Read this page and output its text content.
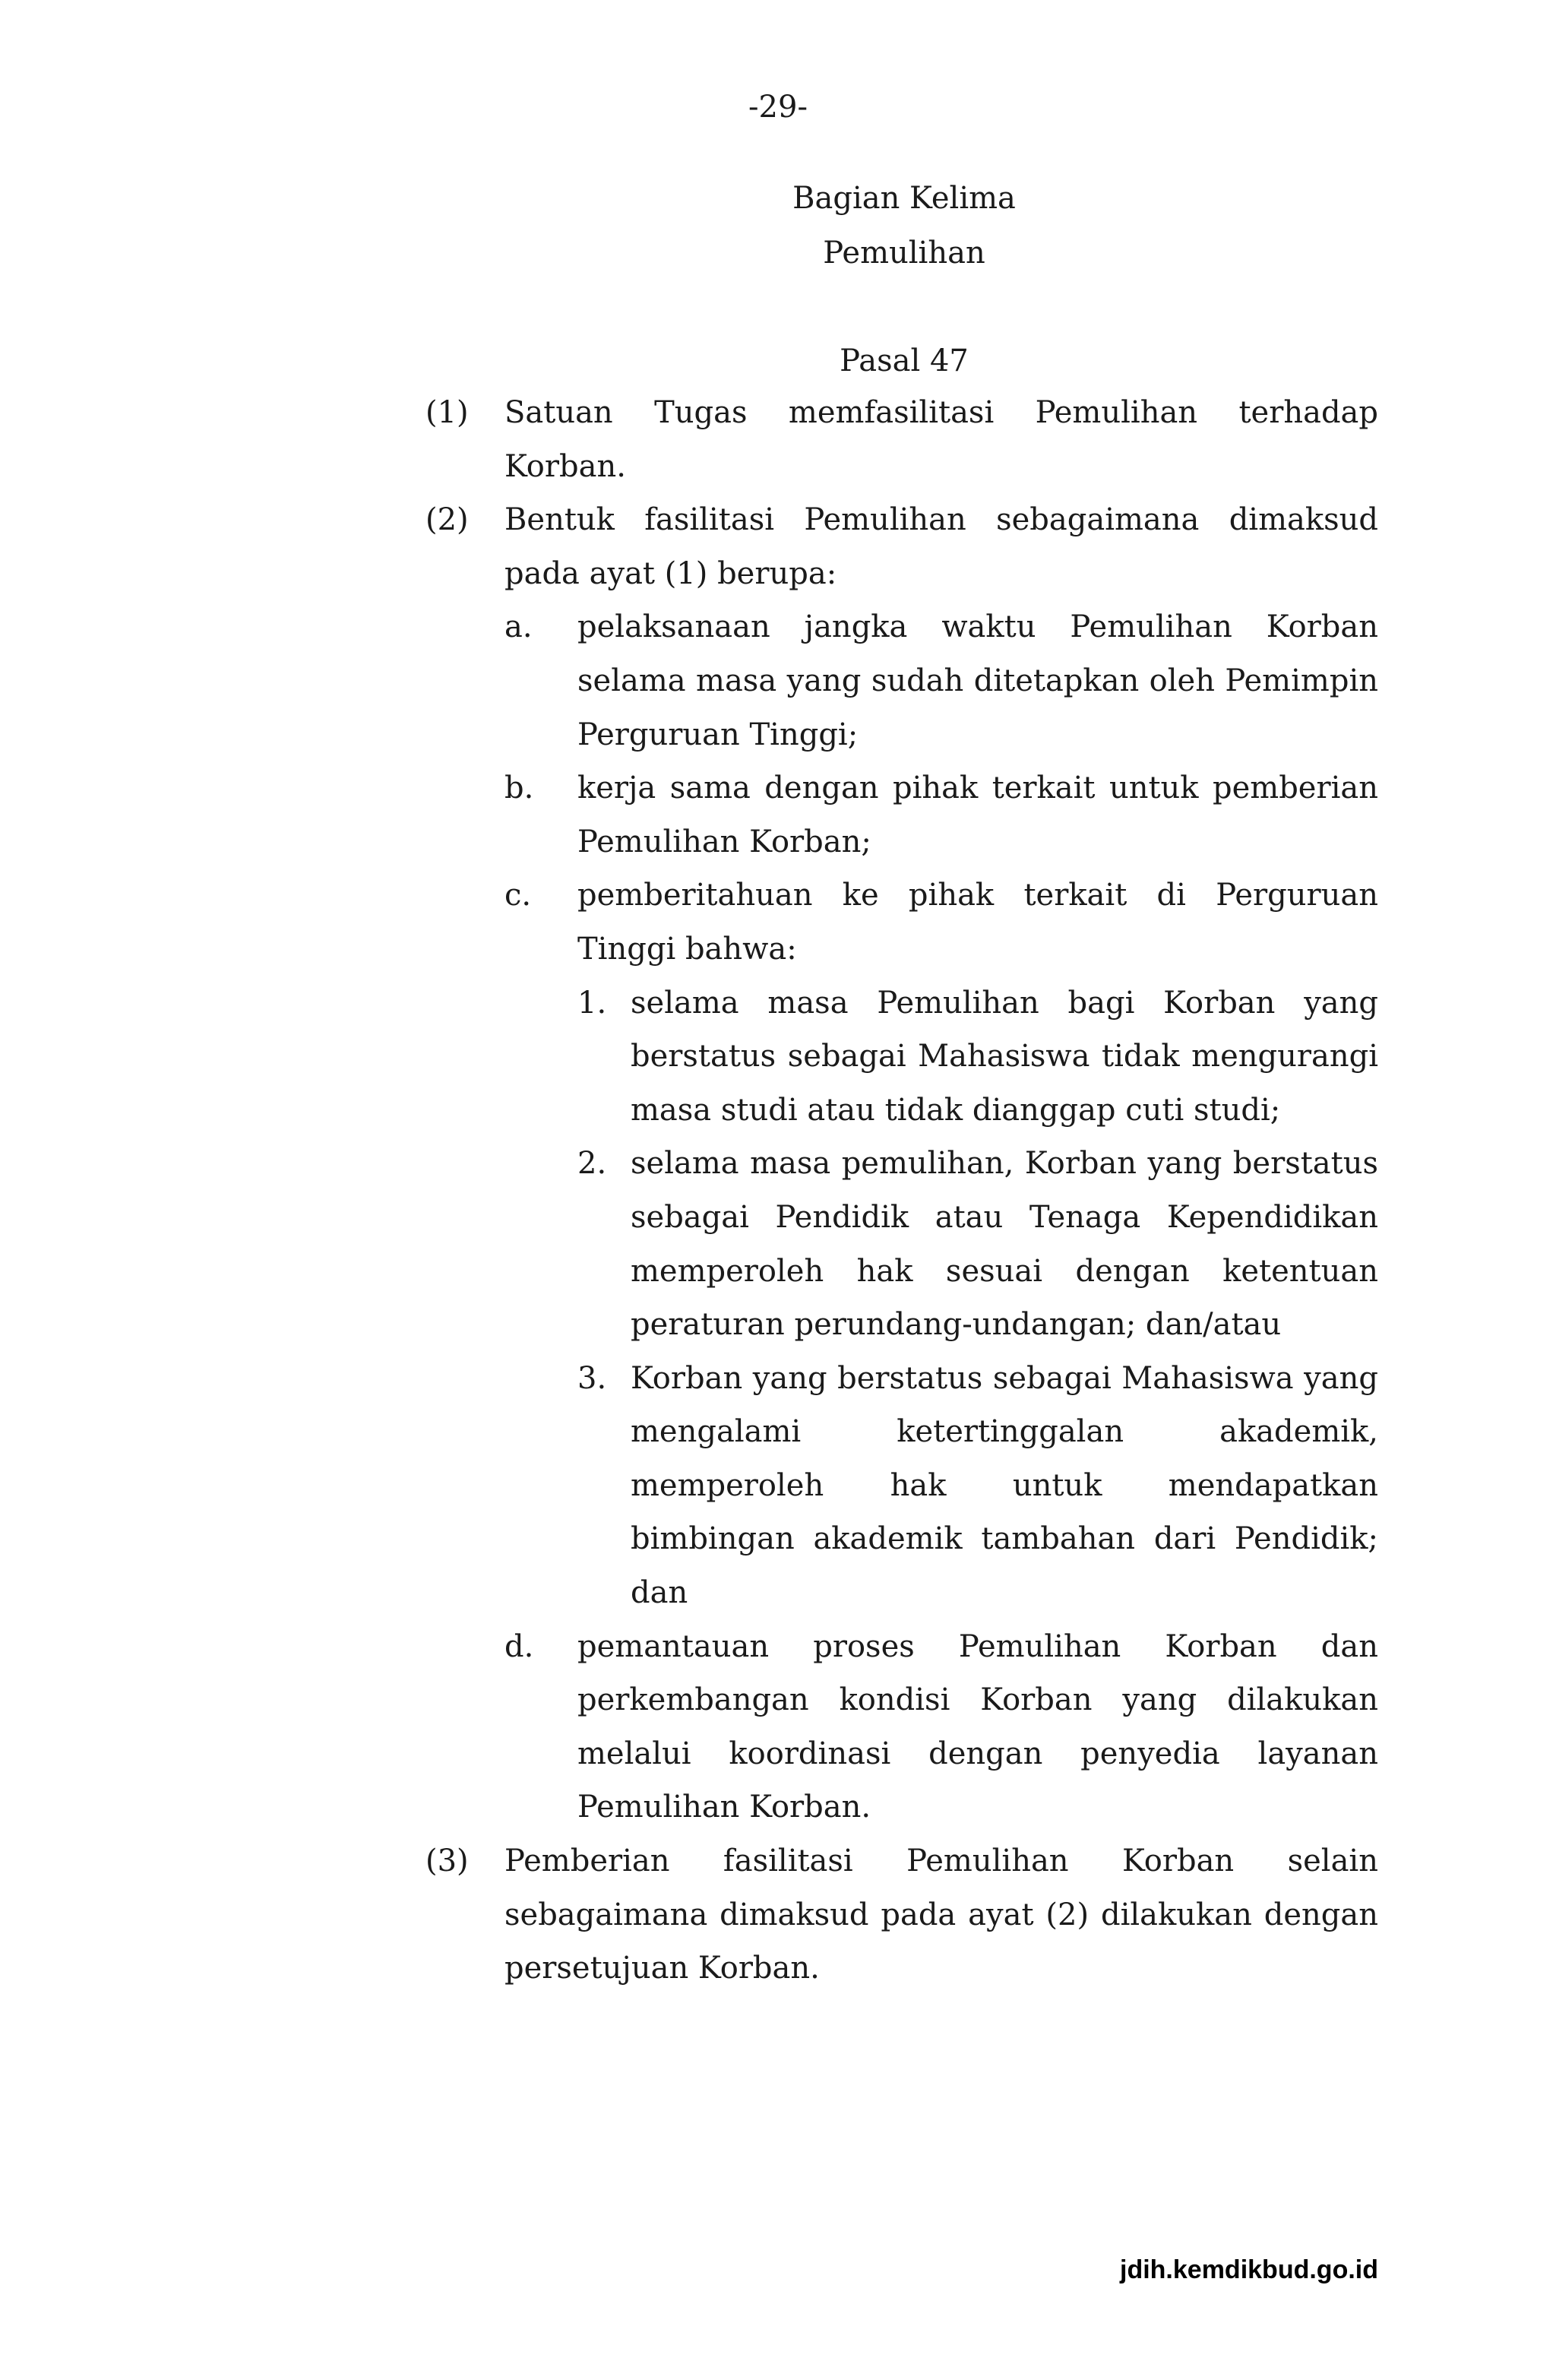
-29-
Bagian Kelima
Pemulihan
Pasal 47
(1)	Satuan Tugas memfasilitasi Pemulihan terhadap Korban.
(2)	Bentuk fasilitasi Pemulihan sebagaimana dimaksud pada ayat (1) berupa:
a.	pelaksanaan jangka waktu Pemulihan Korban selama masa yang sudah ditetapkan oleh Pemimpin Perguruan Tinggi;
b.	kerja sama dengan pihak terkait untuk pemberian Pemulihan Korban;
c.	pemberitahuan ke pihak terkait di Perguruan Tinggi bahwa:
1. selama masa Pemulihan bagi Korban yang berstatus sebagai Mahasiswa tidak mengurangi masa studi atau tidak dianggap cuti studi;
2. selama masa pemulihan, Korban yang berstatus sebagai Pendidik atau Tenaga Kependidikan memperoleh hak sesuai dengan ketentuan peraturan perundang-undangan; dan/atau
3. Korban yang berstatus sebagai Mahasiswa yang mengalami ketertinggalan akademik, memperoleh hak untuk mendapatkan bimbingan akademik tambahan dari Pendidik; dan
d.	pemantauan proses Pemulihan Korban dan perkembangan kondisi Korban yang dilakukan melalui koordinasi dengan penyedia layanan Pemulihan Korban.
(3)	Pemberian fasilitasi Pemulihan Korban selain sebagaimana dimaksud pada ayat (2) dilakukan dengan persetujuan Korban.
jdih.kemdikbud.go.id
